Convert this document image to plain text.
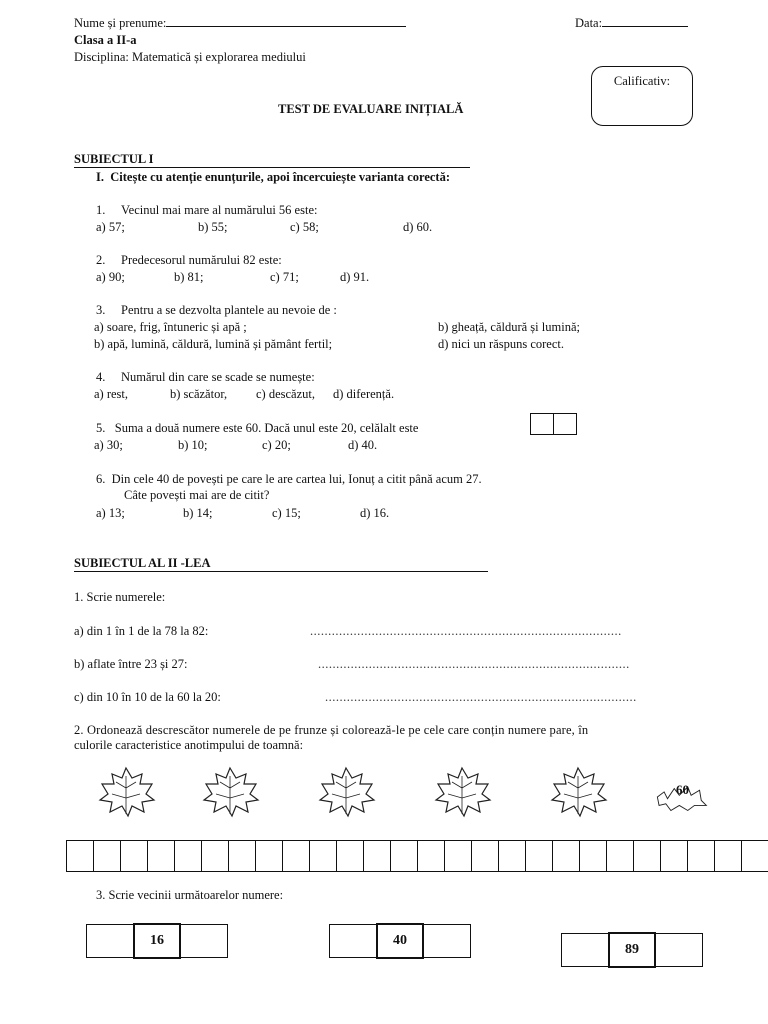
Nume și prenume:	Data:
Clasa a II-a
Disciplina: Matematică și explorarea mediului
Calificativ:
TEST DE EVALUARE INIȚIALĂ
SUBIECTUL I
I. Citește cu atenție enunțurile, apoi încercuiește varianta corectă:
1. Vecinul mai mare al numărului 56 este:
a) 57;	b) 55;	c) 58;	d) 60.
2. Predecesorul numărului 82 este:
a) 90;	b) 81;	c) 71;	d) 91.
3. Pentru a se dezvolta plantele au nevoie de :
a) soare, frig, întuneric și apă ;	b) gheață, căldură și lumină;
b) apă, lumină, căldură, lumină și pământ fertil;	d) nici un răspuns corect.
4. Numărul din care se scade se numește:
a) rest,	b) scăzător, c) descăzut, d) diferență.
5. Suma a două numere este 60. Dacă unul este 20, celălalt este
a) 30;	b) 10;	c) 20;	d) 40.
6. Din cele 40 de povești pe care le are cartea lui, Ionuț a citit până acum 27.
Câte povești mai are de citit?
a) 13;	b) 14;	c) 15;	d) 16.
SUBIECTUL AL II -LEA
1. Scrie numerele:
a) din 1 în 1 de la 78 la 82:	......................................................................................
b) aflate între 23 și 27:	......................................................................................
c) din 10 în 10 de la 60 la 20:	......................................................................................
2. Ordonează descrescător numerele de pe frunze și colorează-le pe cele care conțin numere pare, în
culorile caracteristice anotimpului de toamnă:
60
3. Scrie vecinii următoarelor numere:
16	40
89
